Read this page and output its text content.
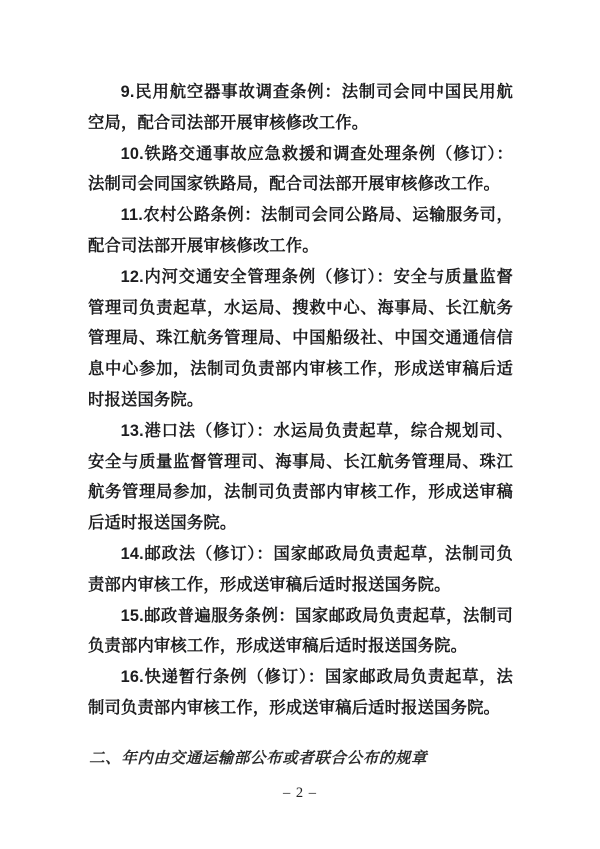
9.民用航空器事故调查条例：法制司会同中国民用航空局，配合司法部开展审核修改工作。

10.铁路交通事故应急救援和调查处理条例（修订）：法制司会同国家铁路局，配合司法部开展审核修改工作。

11.农村公路条例：法制司会同公路局、运输服务司，配合司法部开展审核修改工作。

12.内河交通安全管理条例（修订）：安全与质量监督管理司负责起草，水运局、搜救中心、海事局、长江航务管理局、珠江航务管理局、中国船级社、中国交通通信信息中心参加，法制司负责部内审核工作，形成送审稿后适时报送国务院。

13.港口法（修订）：水运局负责起草，综合规划司、安全与质量监督管理司、海事局、长江航务管理局、珠江航务管理局参加，法制司负责部内审核工作，形成送审稿后适时报送国务院。

14.邮政法（修订）：国家邮政局负责起草，法制司负责部内审核工作，形成送审稿后适时报送国务院。

15.邮政普遍服务条例：国家邮政局负责起草，法制司负责部内审核工作，形成送审稿后适时报送国务院。

16.快递暂行条例（修订）：国家邮政局负责起草，法制司负责部内审核工作，形成送审稿后适时报送国务院。

二、年内由交通运输部公布或者联合公布的规章
– 2 –
